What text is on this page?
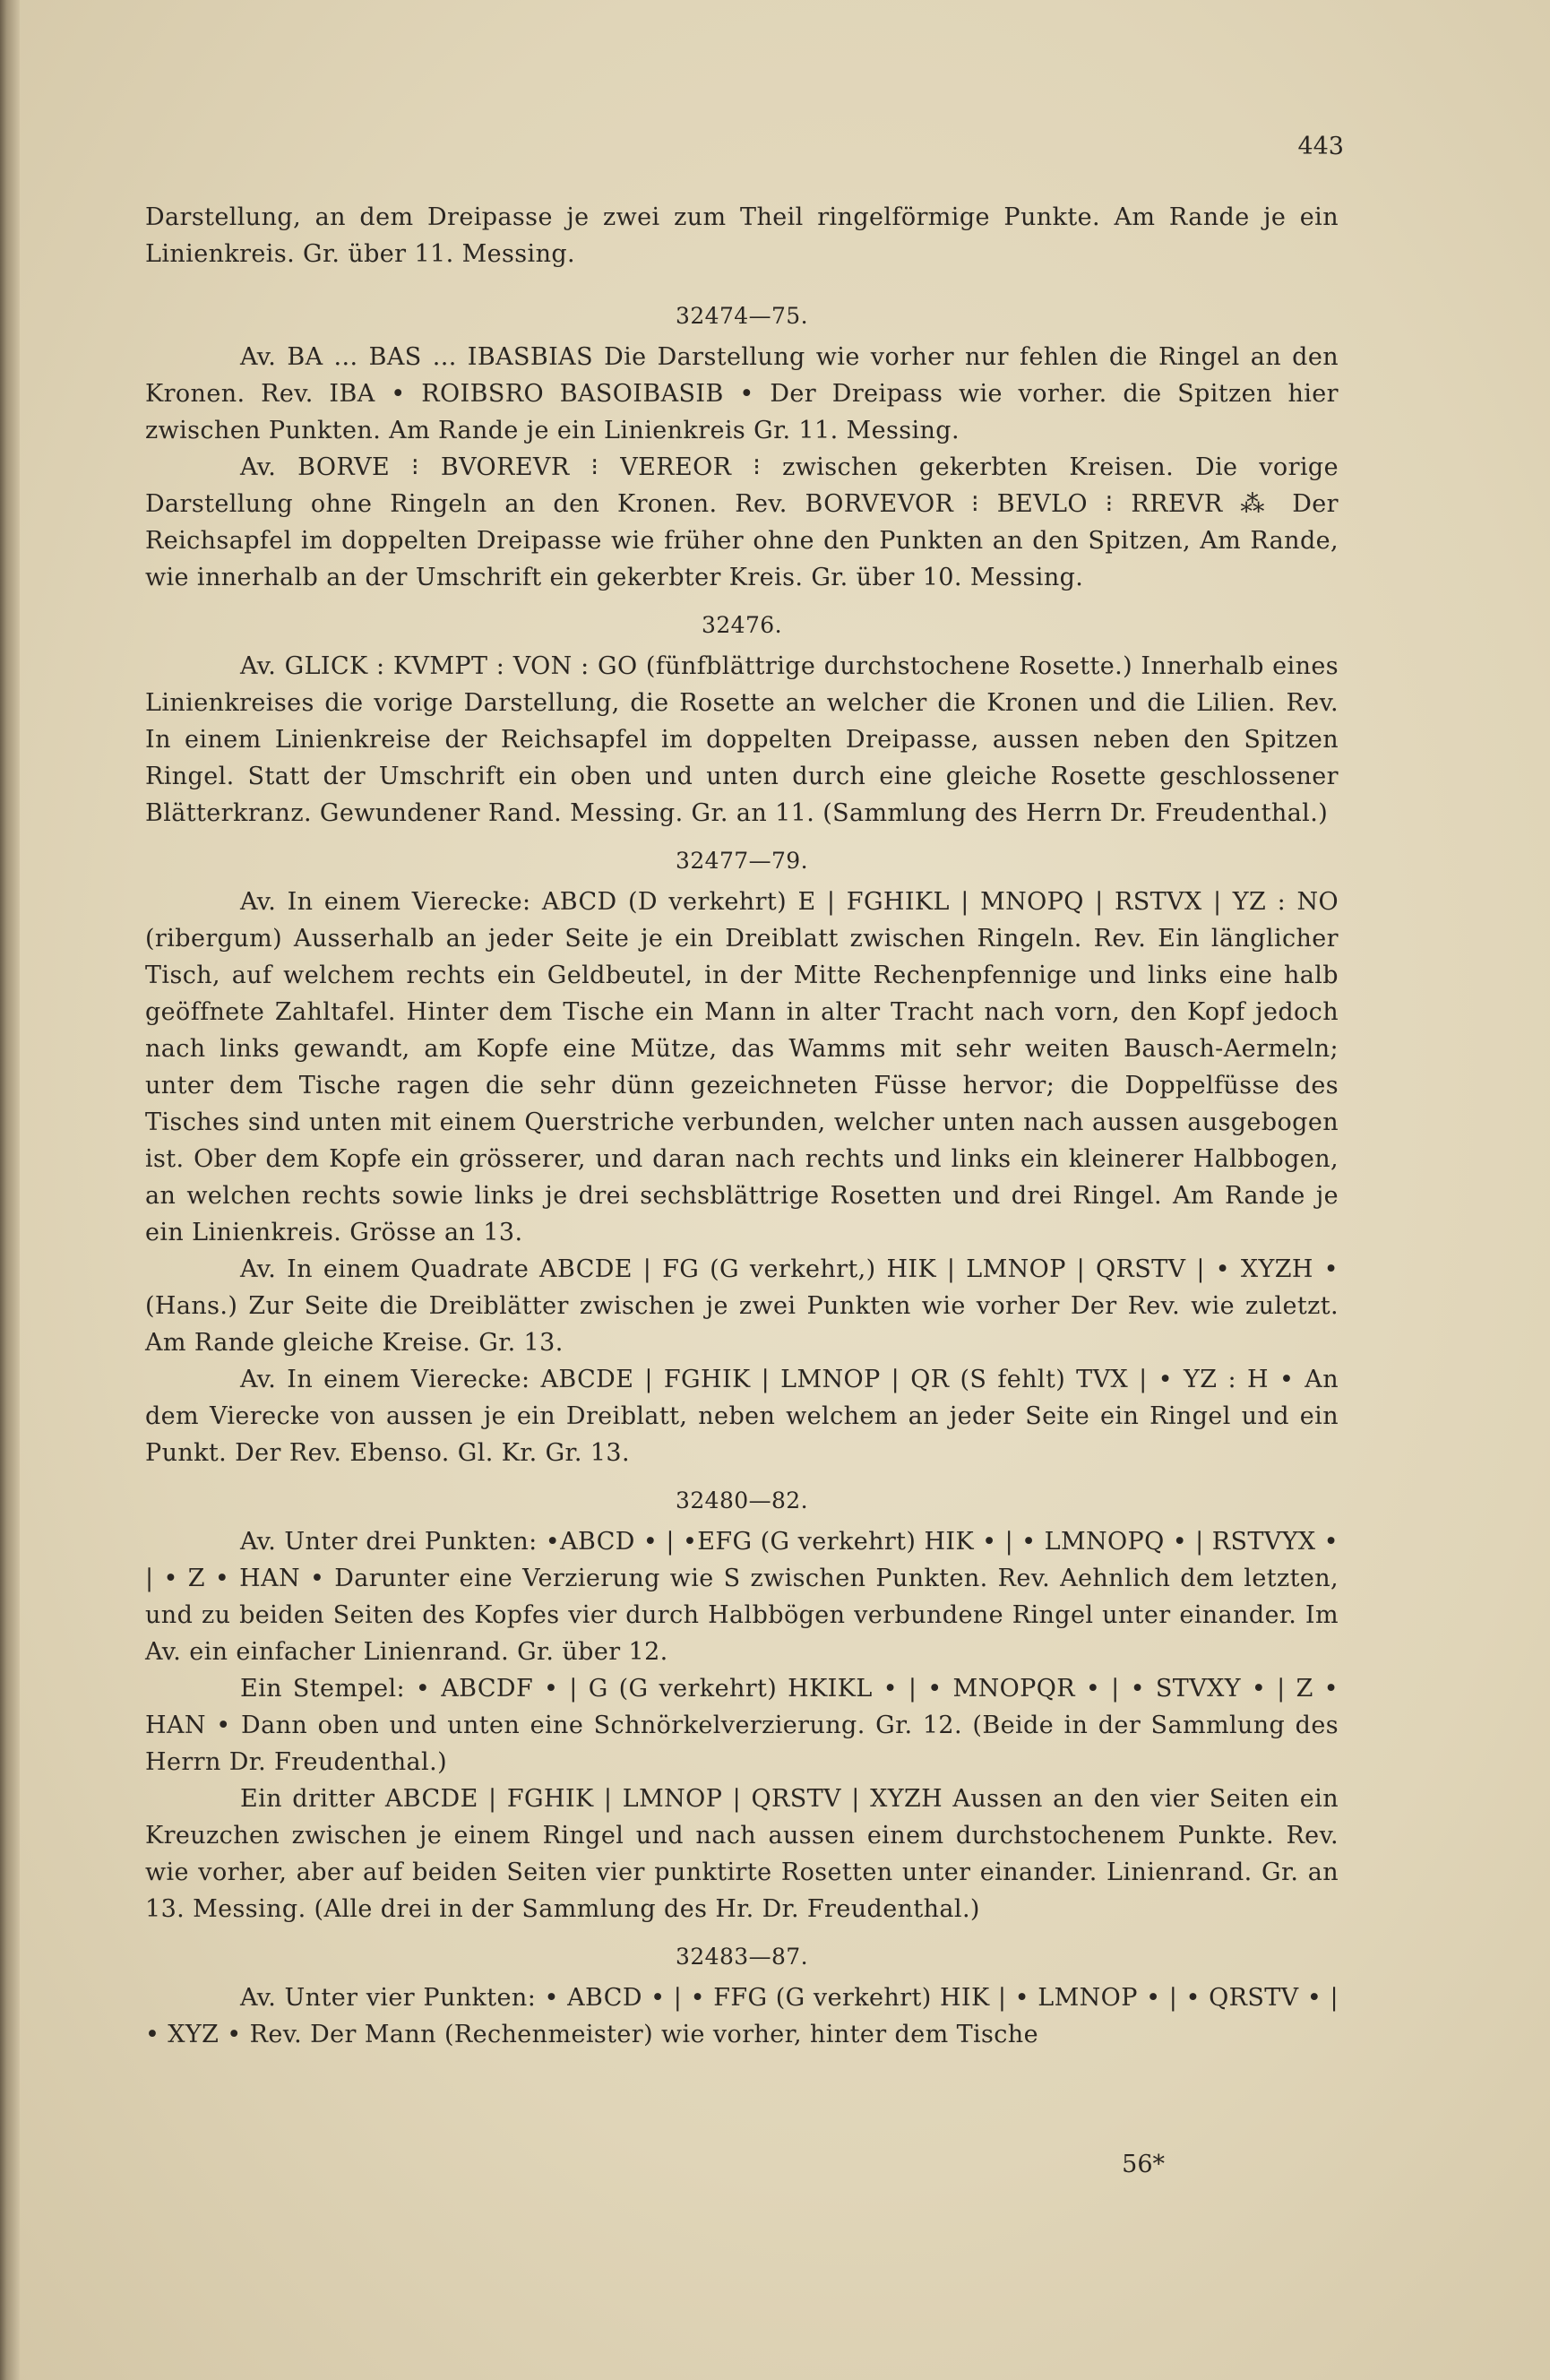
443

Darstellung, an dem Dreipasse je zwei zum Theil ringelförmige Punkte. Am Rande je ein Linienkreis. Gr. über 11. Messing.

32474—75.

Av. BA ... BAS ... IBASBIAS Die Darstellung wie vorher nur fehlen die Ringel an den Kronen. Rev. IBA • ROIBSRO BASOIBASIB • Der Dreipass wie vorher. die Spitzen hier zwischen Punkten. Am Rande je ein Linienkreis Gr. 11. Messing.

Av. BORVE ⁝ BVOREVR ⁝ VEREOR ⁝ zwischen gekerbten Kreisen. Die vorige Darstellung ohne Ringeln an den Kronen. Rev. BORVEVOR ⁝ BEVLO ⁝ RREVR ⁂ Der Reichsapfel im doppelten Dreipasse wie früher ohne den Punkten an den Spitzen, Am Rande, wie innerhalb an der Umschrift ein gekerbter Kreis. Gr. über 10. Messing.

32476.

Av. GLICK : KVMPT : VON : GO (fünfblättrige durchstochene Rosette.) Innerhalb eines Linienkreises die vorige Darstellung, die Rosette an welcher die Kronen und die Lilien. Rev. In einem Linienkreise der Reichsapfel im doppelten Dreipasse, aussen neben den Spitzen Ringel. Statt der Umschrift ein oben und unten durch eine gleiche Rosette geschlossener Blätterkranz. Gewundener Rand. Messing. Gr. an 11. (Sammlung des Herrn Dr. Freudenthal.)

32477—79.

Av. In einem Vierecke: ABCD (D verkehrt) E | FGHIKL | MNOPQ | RSTVX | YZ : NO (ribergum) Ausserhalb an jeder Seite je ein Dreiblatt zwischen Ringeln. Rev. Ein länglicher Tisch, auf welchem rechts ein Geldbeutel, in der Mitte Rechenpfennige und links eine halb geöffnete Zahltafel. Hinter dem Tische ein Mann in alter Tracht nach vorn, den Kopf jedoch nach links gewandt, am Kopfe eine Mütze, das Wamms mit sehr weiten Bausch-Aermeln; unter dem Tische ragen die sehr dünn gezeichneten Füsse hervor; die Doppelfüsse des Tisches sind unten mit einem Querstriche verbunden, welcher unten nach aussen ausgebogen ist. Ober dem Kopfe ein grösserer, und daran nach rechts und links ein kleinerer Halbbogen, an welchen rechts sowie links je drei sechsblättrige Rosetten und drei Ringel. Am Rande je ein Linienkreis. Grösse an 13.

Av. In einem Quadrate ABCDE | FG (G verkehrt,) HIK | LMNOP | QRSTV | • XYZH • (Hans.) Zur Seite die Dreiblätter zwischen je zwei Punkten wie vorher Der Rev. wie zuletzt. Am Rande gleiche Kreise. Gr. 13.

Av. In einem Vierecke: ABCDE | FGHIK | LMNOP | QR (S fehlt) TVX | • YZ : H • An dem Vierecke von aussen je ein Dreiblatt, neben welchem an jeder Seite ein Ringel und ein Punkt. Der Rev. Ebenso. Gl. Kr. Gr. 13.

32480—82.

Av. Unter drei Punkten: •ABCD • | •EFG (G verkehrt) HIK • | • LMNOPQ • | RSTVYX • | • Z • HAN • Darunter eine Verzierung wie S zwischen Punkten. Rev. Aehnlich dem letzten, und zu beiden Seiten des Kopfes vier durch Halbbögen verbundene Ringel unter einander. Im Av. ein einfacher Linienrand. Gr. über 12.

Ein Stempel: • ABCDF • | G (G verkehrt) HKIKL • | • MNOPQR • | • STVXY • | Z • HAN • Dann oben und unten eine Schnörkelverzierung. Gr. 12. (Beide in der Sammlung des Herrn Dr. Freudenthal.)

Ein dritter ABCDE | FGHIK | LMNOP | QRSTV | XYZH Aussen an den vier Seiten ein Kreuzchen zwischen je einem Ringel und nach aussen einem durchstochenem Punkte. Rev. wie vorher, aber auf beiden Seiten vier punktirte Rosetten unter einander. Linienrand. Gr. an 13. Messing. (Alle drei in der Sammlung des Hr. Dr. Freudenthal.)

32483—87.

Av. Unter vier Punkten: • ABCD • | • FFG (G verkehrt) HIK | • LMNOP • | • QRSTV • | • XYZ • Rev. Der Mann (Rechenmeister) wie vorher, hinter dem Tische

56*
